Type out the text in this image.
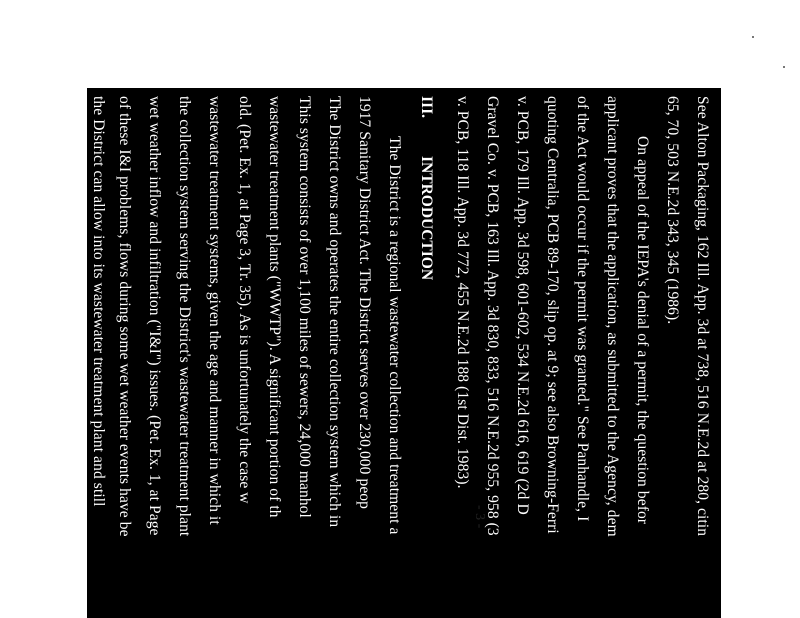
See Alton Packaging, 162 Ill. App. 3d at 738, 516 N.E.2d at 280, citin
65, 70, 503 N.E.2d 343, 345 (1986).
On appeal of the IEPA's denial of a permit, the question befor
applicant proves that the application, as submitted to the Agency, dem
of the Act would occur if the permit was granted." See Panhandle, I
quoting Centralia, PCB 89-170, slip op. at 9; see also Browning-Ferri
v. PCB, 179 Ill. App. 3d 598, 601-602, 534 N.E.2d 616, 619 (2d D
Gravel Co. v. PCB, 163 Ill. App. 3d 830, 833, 516 N.E.2d 955, 958 (3
v. PCB, 118 Ill. App. 3d 772, 455 N.E.2d 188 (1st Dist. 1983).
III.INTRODUCTION
The District is a regional wastewater collection and treatment a
1917 Sanitary District Act. The District serves over 230,000 peop
The District owns and operates the entire collection system which in
This system consists of over 1,100 miles of sewers, 24,000 manhol
wastewater treatment plants ("WWTP"). A significant portion of th
old. (Pet. Ex. 1, at Page 3, Tr. 35). As is unfortunately the case w
wastewater treatment systems, given the age and manner in which it
the collection system serving the District's wastewater treatment plant
wet weather inflow and infiltration ("I&I") issues. (Pet. Ex. 1, at Page
of these I&I problems, flows during some wet weather events have be
the District can allow into its wastewater treatment plant and still
- 3 -
